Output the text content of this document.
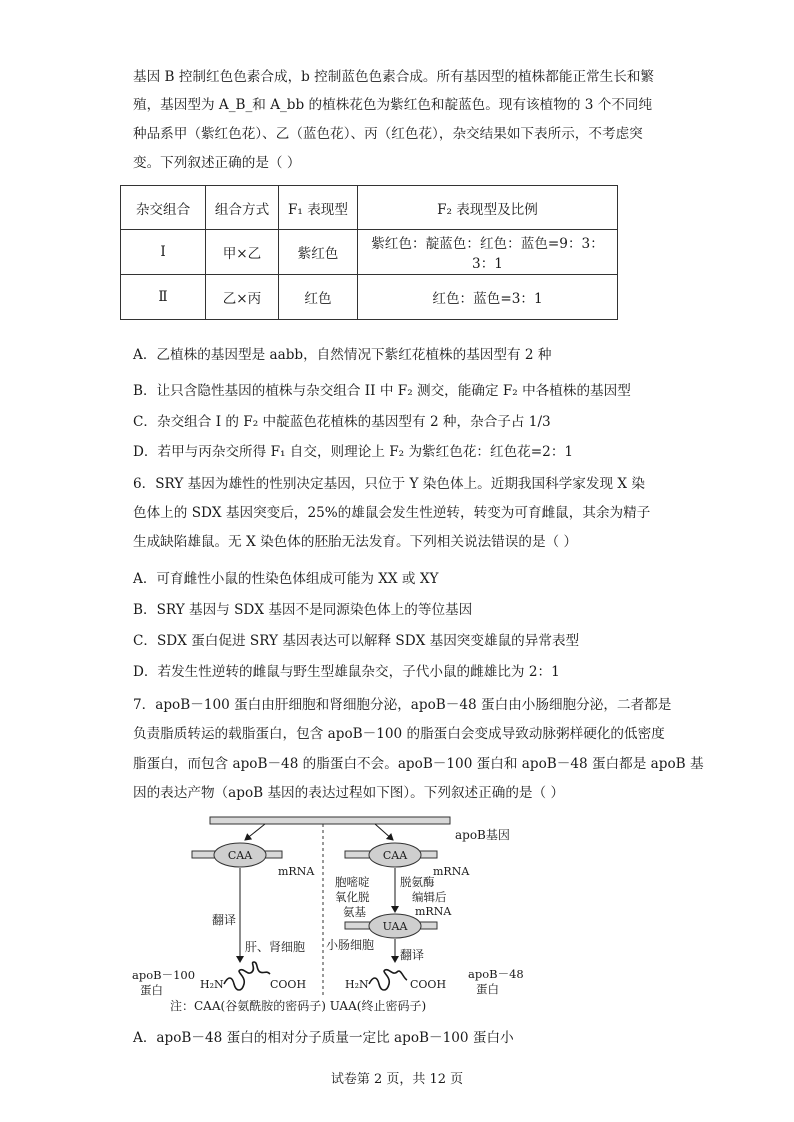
基因 B 控制红色色素合成，b 控制蓝色色素合成。所有基因型的植株都能正常生长和繁

殖，基因型为 A_B_和 A_bb 的植株花色为紫红色和靛蓝色。现有该植物的 3 个不同纯

种品系甲（紫红色花）、乙（蓝色花）、丙（红色花），杂交结果如下表所示，不考虑突

变。下列叙述正确的是（ ）

杂交组合	组合方式	F₁ 表现型	F₂ 表现型及比例
Ⅰ	甲×乙	紫红色	紫红色：靛蓝色：红色：蓝色=9：3：3：1
Ⅱ	乙×丙	红色	红色：蓝色=3：1

A．乙植株的基因型是 aabb，自然情况下紫红花植株的基因型有 2 种

B．让只含隐性基因的植株与杂交组合 II 中 F₂ 测交，能确定 F₂ 中各植株的基因型

C．杂交组合 I 的 F₂ 中靛蓝色花植株的基因型有 2 种，杂合子占 1/3

D．若甲与丙杂交所得 F₁ 自交，则理论上 F₂ 为紫红色花：红色花=2：1

6．SRY 基因为雄性的性别决定基因，只位于 Y 染色体上。近期我国科学家发现 X 染

色体上的 SDX 基因突变后，25%的雄鼠会发生性逆转，转变为可育雌鼠，其余为精子

生成缺陷雄鼠。无 X 染色体的胚胎无法发育。下列相关说法错误的是（ ）

A．可育雌性小鼠的性染色体组成可能为 XX 或 XY

B．SRY 基因与 SDX 基因不是同源染色体上的等位基因

C．SDX 蛋白促进 SRY 基因表达可以解释 SDX 基因突变雄鼠的异常表型

D．若发生性逆转的雌鼠与野生型雄鼠杂交，子代小鼠的雌雄比为 2：1

7．apoB－100 蛋白由肝细胞和肾细胞分泌，apoB－48 蛋白由小肠细胞分泌，二者都是

负责脂质转运的载脂蛋白，包含 apoB－100 的脂蛋白会变成导致动脉粥样硬化的低密度

脂蛋白，而包含 apoB－48 的脂蛋白不会。apoB－100 蛋白和 apoB－48 蛋白都是 apoB 基

因的表达产物（apoB 基因的表达过程如下图）。下列叙述正确的是（ ）

apoB基因
CAA
mRNA
翻译
肝、肾细胞
CAA
mRNA
胞嘧啶
氧化脱
氨基
脱氨酶
编辑后
mRNA
UAA
小肠细胞
翻译
apoB－100
蛋白	H₂N	COOH	H₂N	COOH
apoB－48
蛋白
注：CAA(谷氨酰胺的密码子) UAA(终止密码子)

A．apoB－48 蛋白的相对分子质量一定比 apoB－100 蛋白小

试卷第 2 页，共 12 页
